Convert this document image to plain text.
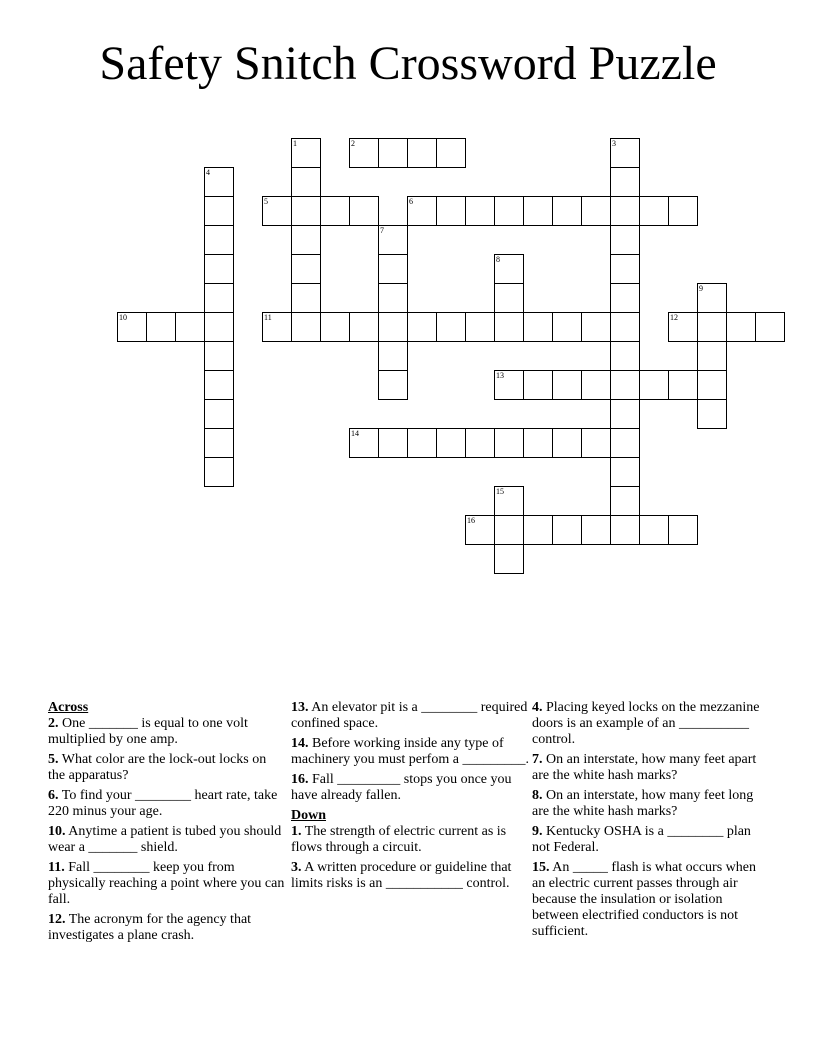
Safety Snitch Crossword Puzzle
1	2	3
4
5	6
7
8
9
10	11	12
13
14
15
16
Across
2. One _______ is equal to one volt multiplied by one amp.
5. What color are the lock-out locks on the apparatus?
6. To find your ________ heart rate, take 220 minus your age.
10. Anytime a patient is tubed you should wear a _______ shield.
11. Fall ________ keep you from physically reaching a point where you can fall.
12. The acronym for the agency that investigates a plane crash.
13. An elevator pit is a ________ required confined space.
14. Before working inside any type of machinery you must perfom a _________.
16. Fall _________ stops you once you have already fallen.
Down
1. The strength of electric current as is flows through a circuit.
3. A written procedure or guideline that limits risks is an ___________ control.
4. Placing keyed locks on the mezzanine doors is an example of an __________ control.
7. On an interstate, how many feet apart are the white hash marks?
8. On an interstate, how many feet long are the white hash marks?
9. Kentucky OSHA is a ________ plan not Federal.
15. An _____ flash is what occurs when an electric current passes through air because the insulation or isolation between electrified conductors is not sufficient.
